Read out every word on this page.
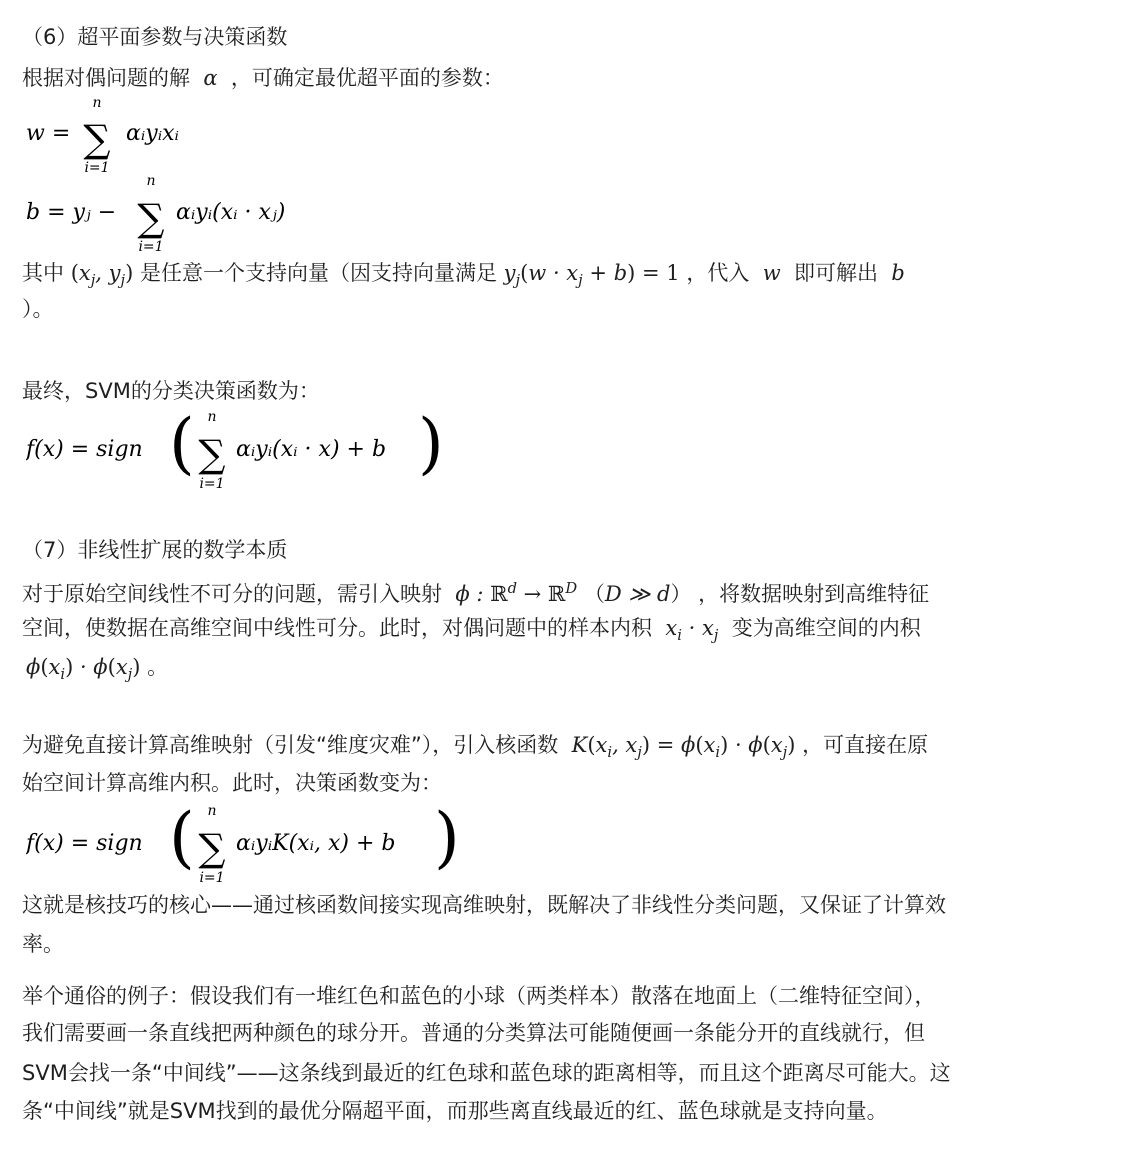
（6）超平面参数与决策函数
根据对偶问题的解  α  ，可确定最优超平面的参数：
w =
n
∑
i=1
αᵢyᵢxᵢ
b = yⱼ −
n
∑
i=1
αᵢyᵢ(xᵢ · xⱼ)
其中 ($x_j$, $y_j$) 是任意一个支持向量（因支持向量满足 $y_j(w \cdot x_j + b) = 1$ ，代入  w  即可解出  b
）。
最终，SVM的分类决策函数为：
f(x) = sign ( n
∑
i=1
αᵢyᵢ(xᵢ · x) + b )
（7）非线性扩展的数学本质
对于原始空间线性不可分的问题，需引入映射  ϕ : ℝ$^d$ → ℝ$^D$ （D ≫ d） ，将数据映射到高维特征
空间，使数据在高维空间中线性可分。此时，对偶问题中的样本内积  $x_i \cdot x_j$ 变为高维空间的内积
$\phi(x_i) \cdot \phi(x_j)$ 。
为避免直接计算高维映射（引发“维度灾难”），引入核函数  $K(x_i$, $x_j) = \phi(x_i) \cdot \phi(x_j)$ ，可直接在原
始空间计算高维内积。此时，决策函数变为：
f(x) = sign ( n
∑
i=1
αᵢyᵢK(xᵢ, x) + b )
这就是核技巧的核心——通过核函数间接实现高维映射，既解决了非线性分类问题，又保证了计算效
率。
举个通俗的例子：假设我们有一堆红色和蓝色的小球（两类样本）散落在地面上（二维特征空间），
我们需要画一条直线把两种颜色的球分开。普通的分类算法可能随便画一条能分开的直线就行，但
SVM会找一条“中间线”——这条线到最近的红色球和蓝色球的距离相等，而且这个距离尽可能大。这
条“中间线”就是SVM找到的最优分隔超平面，而那些离直线最近的红、蓝色球就是支持向量。
